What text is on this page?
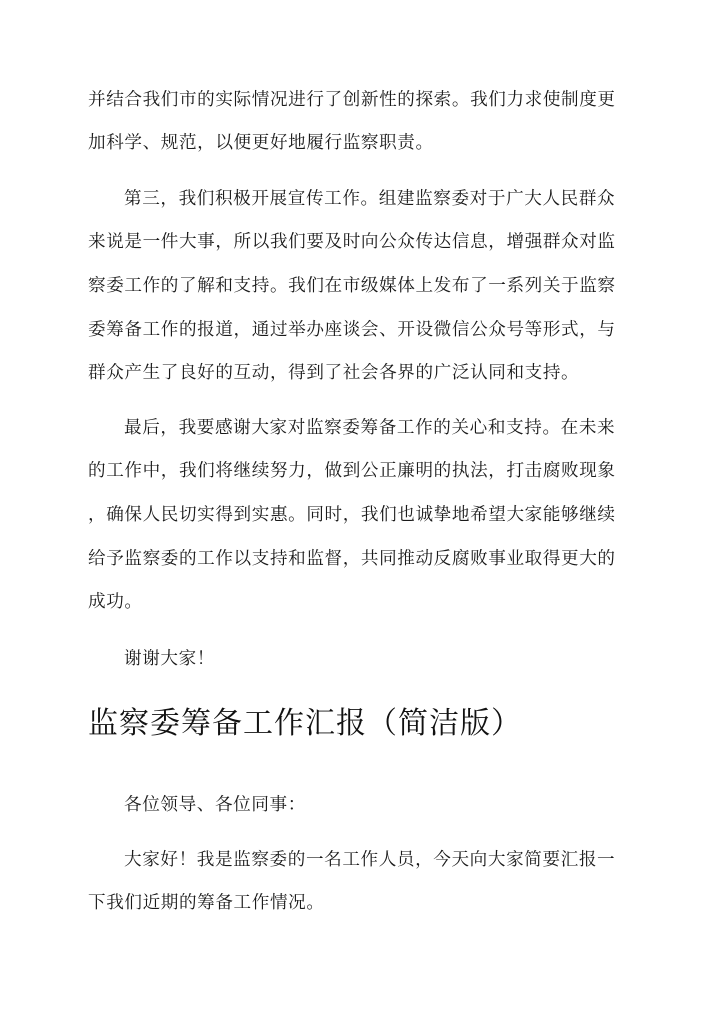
并结合我们市的实际情况进行了创新性的探索。我们力求使制度更
加科学、规范，以便更好地履行监察职责。
第三，我们积极开展宣传工作。组建监察委对于广大人民群众
来说是一件大事，所以我们要及时向公众传达信息，增强群众对监
察委工作的了解和支持。我们在市级媒体上发布了一系列关于监察
委筹备工作的报道，通过举办座谈会、开设微信公众号等形式，与
群众产生了良好的互动，得到了社会各界的广泛认同和支持。
最后，我要感谢大家对监察委筹备工作的关心和支持。在未来
的工作中，我们将继续努力，做到公正廉明的执法，打击腐败现象
，确保人民切实得到实惠。同时，我们也诚挚地希望大家能够继续
给予监察委的工作以支持和监督，共同推动反腐败事业取得更大的
成功。
谢谢大家！
监察委筹备工作汇报（简洁版）
各位领导、各位同事：
大家好！我是监察委的一名工作人员，今天向大家简要汇报一
下我们近期的筹备工作情况。
